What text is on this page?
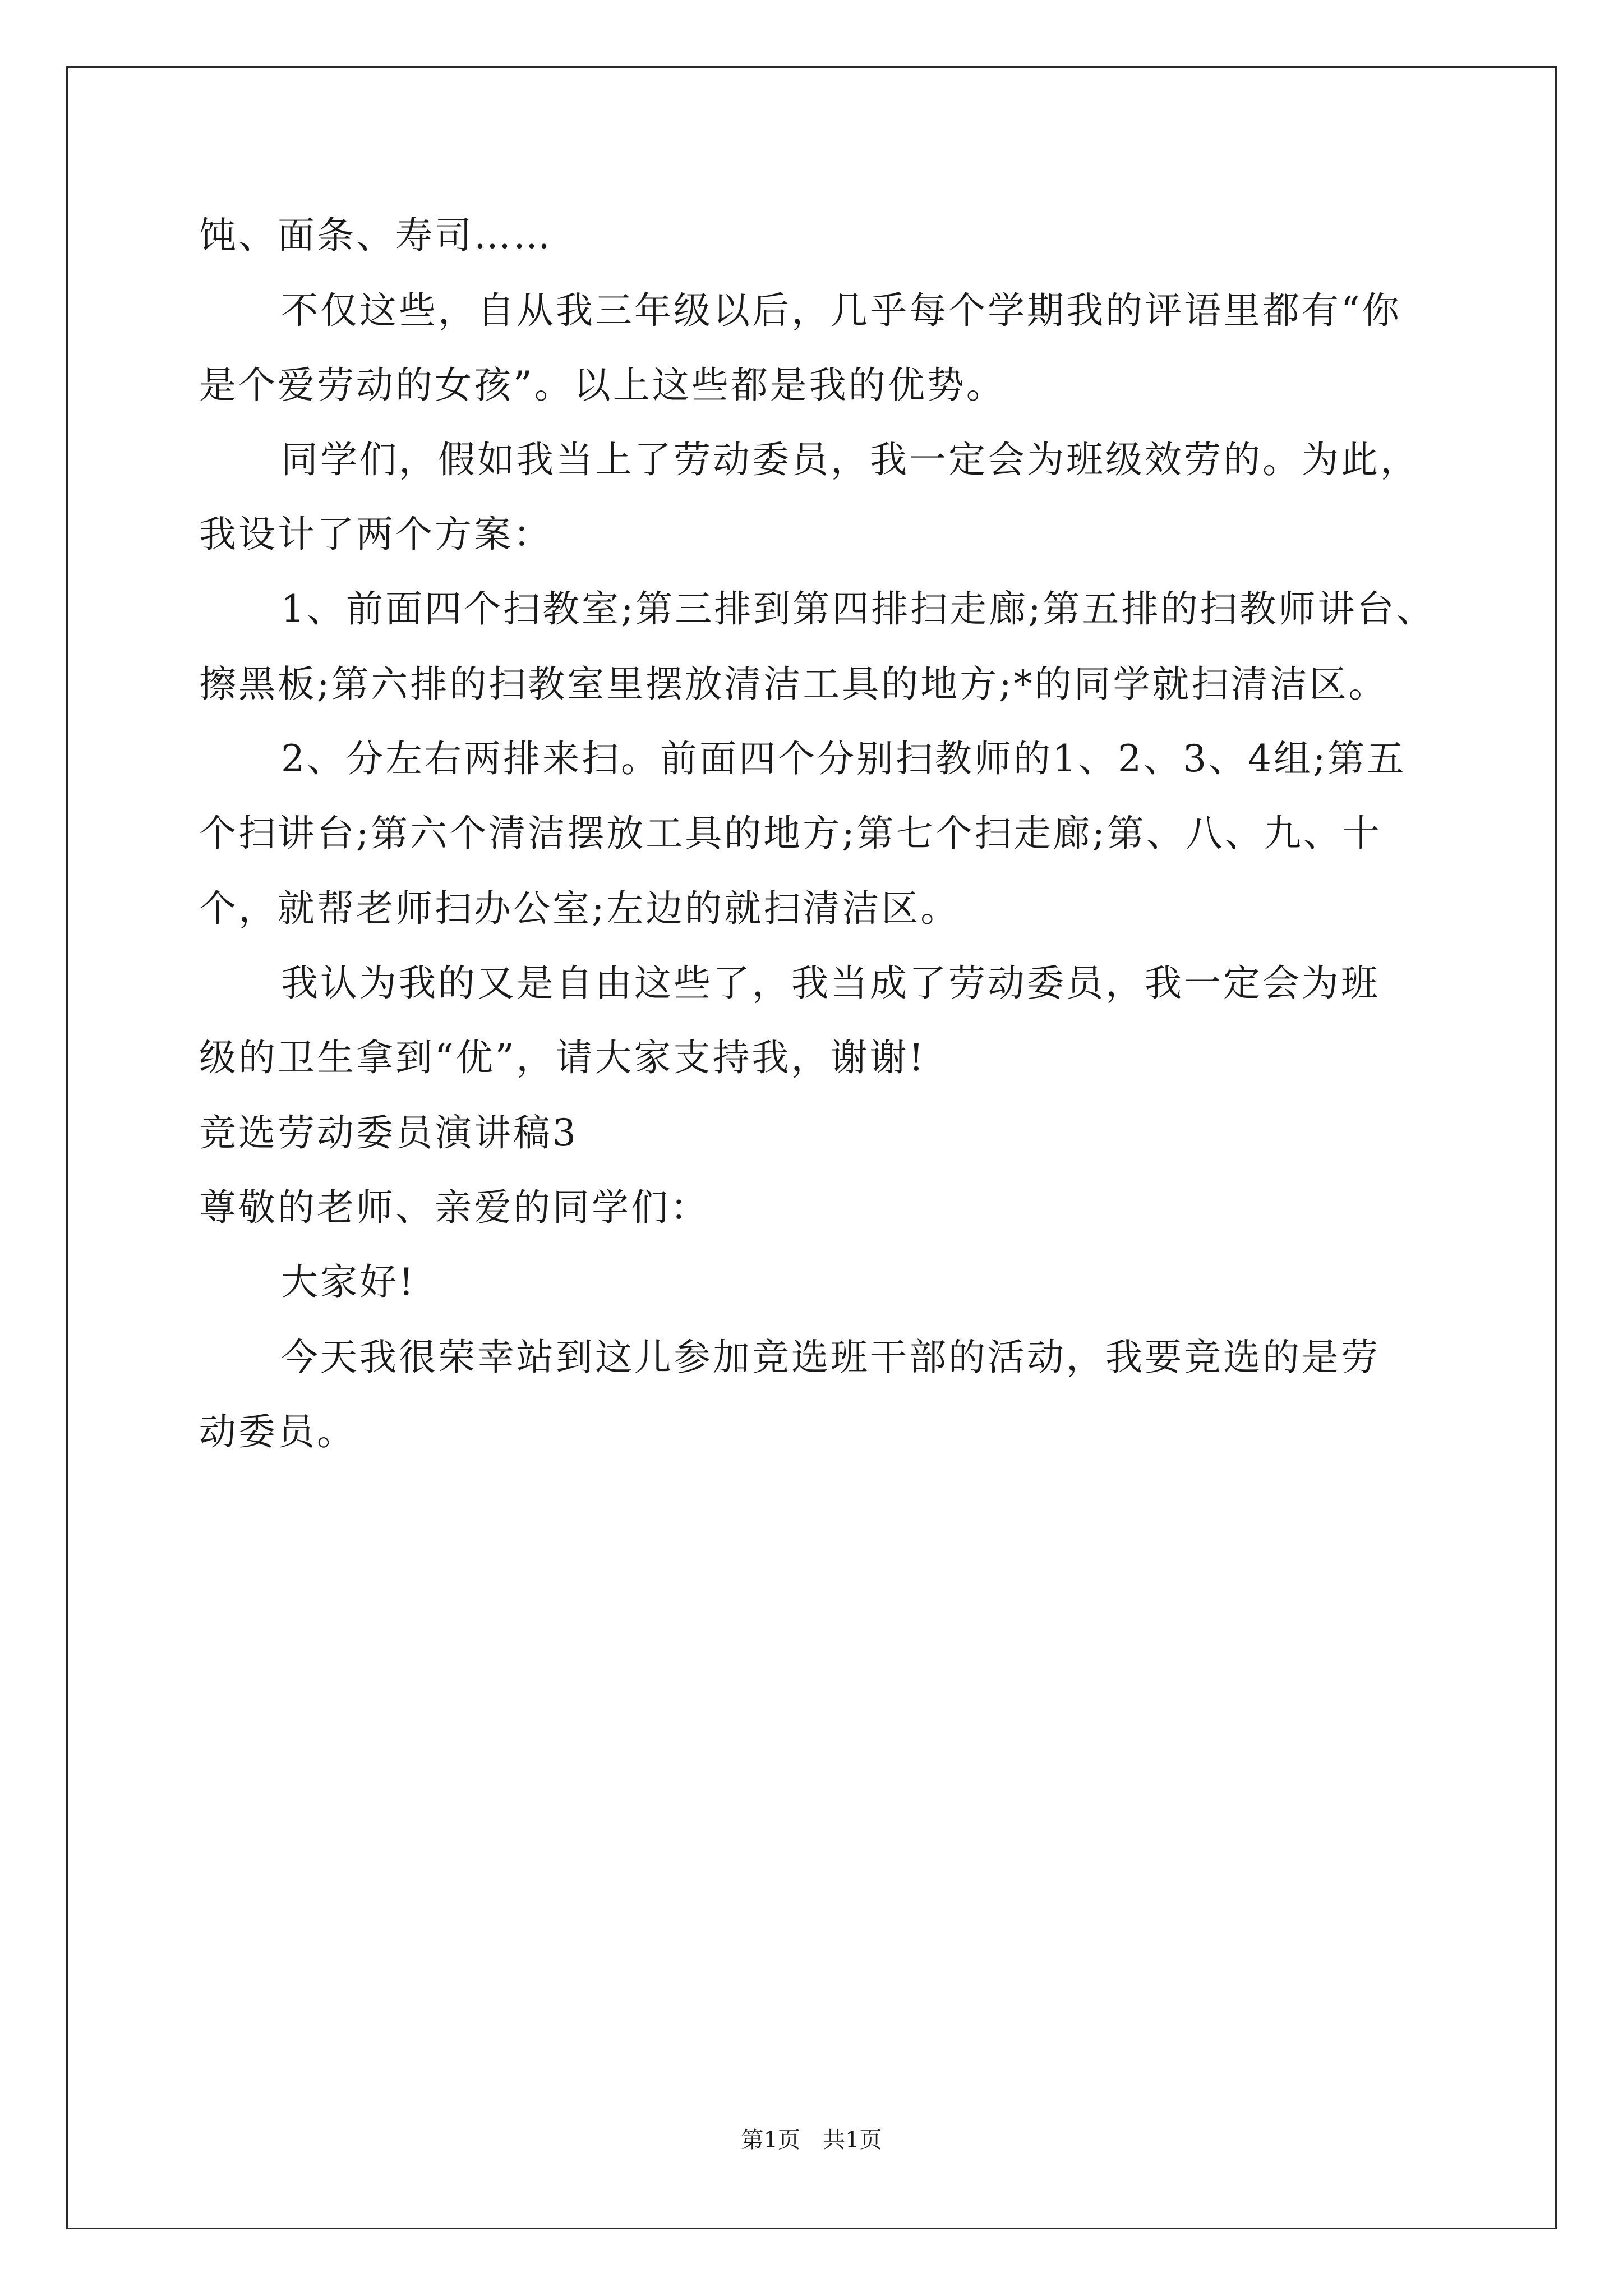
饨、面条、寿司……
不仅这些，自从我三年级以后，几乎每个学期我的评语里都有“你
是个爱劳动的女孩”。以上这些都是我的优势。
同学们，假如我当上了劳动委员，我一定会为班级效劳的。为此，
我设计了两个方案：
1、前面四个扫教室;第三排到第四排扫走廊;第五排的扫教师讲台、
擦黑板;第六排的扫教室里摆放清洁工具的地方;*的同学就扫清洁区。
2、分左右两排来扫。前面四个分别扫教师的1、2、3、4组;第五
个扫讲台;第六个清洁摆放工具的地方;第七个扫走廊;第、八、九、十
个，就帮老师扫办公室;左边的就扫清洁区。
我认为我的又是自由这些了，我当成了劳动委员，我一定会为班
级的卫生拿到“优”，请大家支持我，谢谢!
竞选劳动委员演讲稿3
尊敬的老师、亲爱的同学们：
大家好!
今天我很荣幸站到这儿参加竞选班干部的活动，我要竞选的是劳
动委员。
第1页　共1页
